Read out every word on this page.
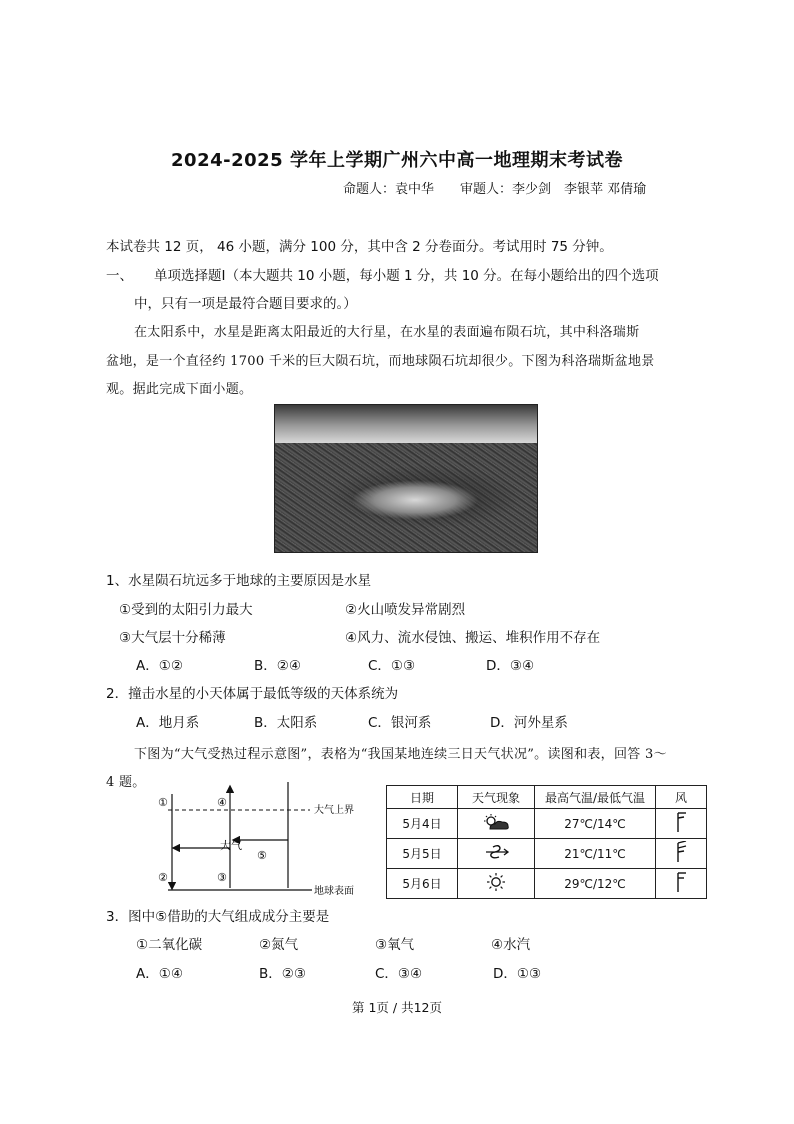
2024-2025 学年上学期广州六中高一地理期末考试卷
命题人：袁中华　　审题人：李少剑　李银苹 邓倩瑜
本试卷共 12 页， 46 小题，满分 100 分，其中含 2 分卷面分。考试用时 75 分钟。
一、 单项选择题Ⅰ（本大题共 10 小题，每小题 1 分，共 10 分。在每小题给出的四个选项
中，只有一项是最符合题目要求的。）
在太阳系中，水星是距离太阳最近的大行星，在水星的表面遍布陨石坑，其中科洛瑞斯
盆地，是一个直径约 1700 千米的巨大陨石坑，而地球陨石坑却很少。下图为科洛瑞斯盆地景
观。据此完成下面小题。
1、水星陨石坑远多于地球的主要原因是水星
①受到的太阳引力最大	②火山喷发异常剧烈
③大气层十分稀薄	④风力、流水侵蚀、搬运、堆积作用不存在
A．①②	B．②④	C．①③	D．③④
2．撞击水星的小天体属于最低等级的天体系统为
A．地月系	B．太阳系	C．银河系	D．河外星系
下图为“大气受热过程示意图”，表格为“我国某地连续三日天气状况”。读图和表，回答 3～
4 题。
①	④
大气
⑤
②	③
大气上界
地球表面
日期	天气现象	最高气温/最低气温	风
5月4日		27℃/14℃	
5月5日		21℃/11℃	
5月6日		29℃/12℃	
3．图中⑤借助的大气组成成分主要是
①二氧化碳	②氮气	③氧气	④水汽
A．①④	B．②③	C．③④	D．①③
第 1页 / 共12页
